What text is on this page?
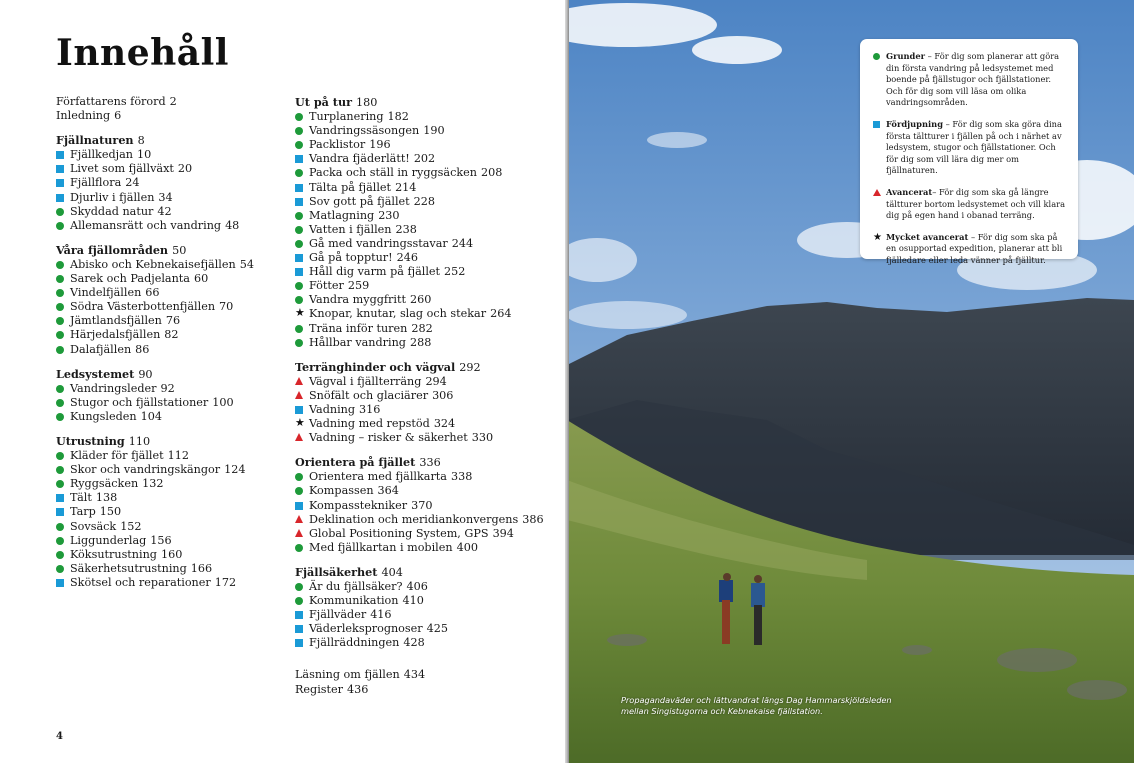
Innehåll
Författarens förord 2
Inledning 6
Fjällnaturen 8
Fjällkedjan 10
Livet som fjällväxt 20
Fjällflora 24
Djurliv i fjällen 34
Skyddad natur 42
Allemansrätt och vandring 48
Våra fjällområden 50
Abisko och Kebnekaisefjällen 54
Sarek och Padjelanta 60
Vindelfjällen 66
Södra Västerbottenfjällen 70
Jämtlandsfjällen 76
Härjedalsfjällen 82
Dalafjällen 86
Ledsystemet 90
Vandringsleder 92
Stugor och fjällstationer 100
Kungsleden 104
Utrustning 110
Kläder för fjället 112
Skor och vandringskängor 124
Ryggsäcken 132
Tält 138
Tarp 150
Sovsäck 152
Liggunderlag 156
Köksutrustning 160
Säkerhetsutrustning 166
Skötsel och reparationer 172
Ut på tur 180
Turplanering 182
Vandringssäsongen 190
Packlistor 196
Vandra fjäderlätt! 202
Packa och ställ in ryggsäcken 208
Tälta på fjället 214
Sov gott på fjället 228
Matlagning 230
Vatten i fjällen 238
Gå med vandringsstavar 244
Gå på topptur! 246
Håll dig varm på fjället 252
Fötter 259
Vandra myggfritt 260
★ Knopar, knutar, slag och stekar 264
Träna inför turen 282
Hållbar vandring 288
Terränghinder och vägval 292
Vägval i fjällterräng 294
Snöfält och glaciärer 306
Vadning 316
★ Vadning med repstöd 324
Vadning – risker & säkerhet 330
Orientera på fjället 336
Orientera med fjällkarta 338
Kompassen 364
Kompasstekniker 370
Deklination och meridiankonvergens 386
Global Positioning System, GPS 394
Med fjällkartan i mobilen 400
Fjällsäkerhet 404
Är du fjällsäker? 406
Kommunikation 410
Fjällväder 416
Väderleksprognoser 425
Fjällräddningen 428
Läsning om fjällen 434
Register 436
4
Grunder – För dig som planerar att göra din första vandring på ledsystemet med boende på fjällstugor och fjällstationer. Och för dig som vill läsa om olika vandringsområden.
Fördjupning – För dig som ska göra dina första tältturer i fjällen på och i närhet av ledsystem, stugor och fjällstationer. Och för dig som vill lära dig mer om fjällnaturen.
Avancerat– För dig som ska gå längre tältturer bortom ledsystemet och vill klara dig på egen hand i obanad terräng.
★ Mycket avancerat – För dig som ska på en osupportad expedition, planerar att bli fjälledare eller leda vänner på fjälltur.
Propagandaväder och lättvandrat längs Dag Hammarskjöldsleden
mellan Singistugorna och Kebnekaise fjällstation.
